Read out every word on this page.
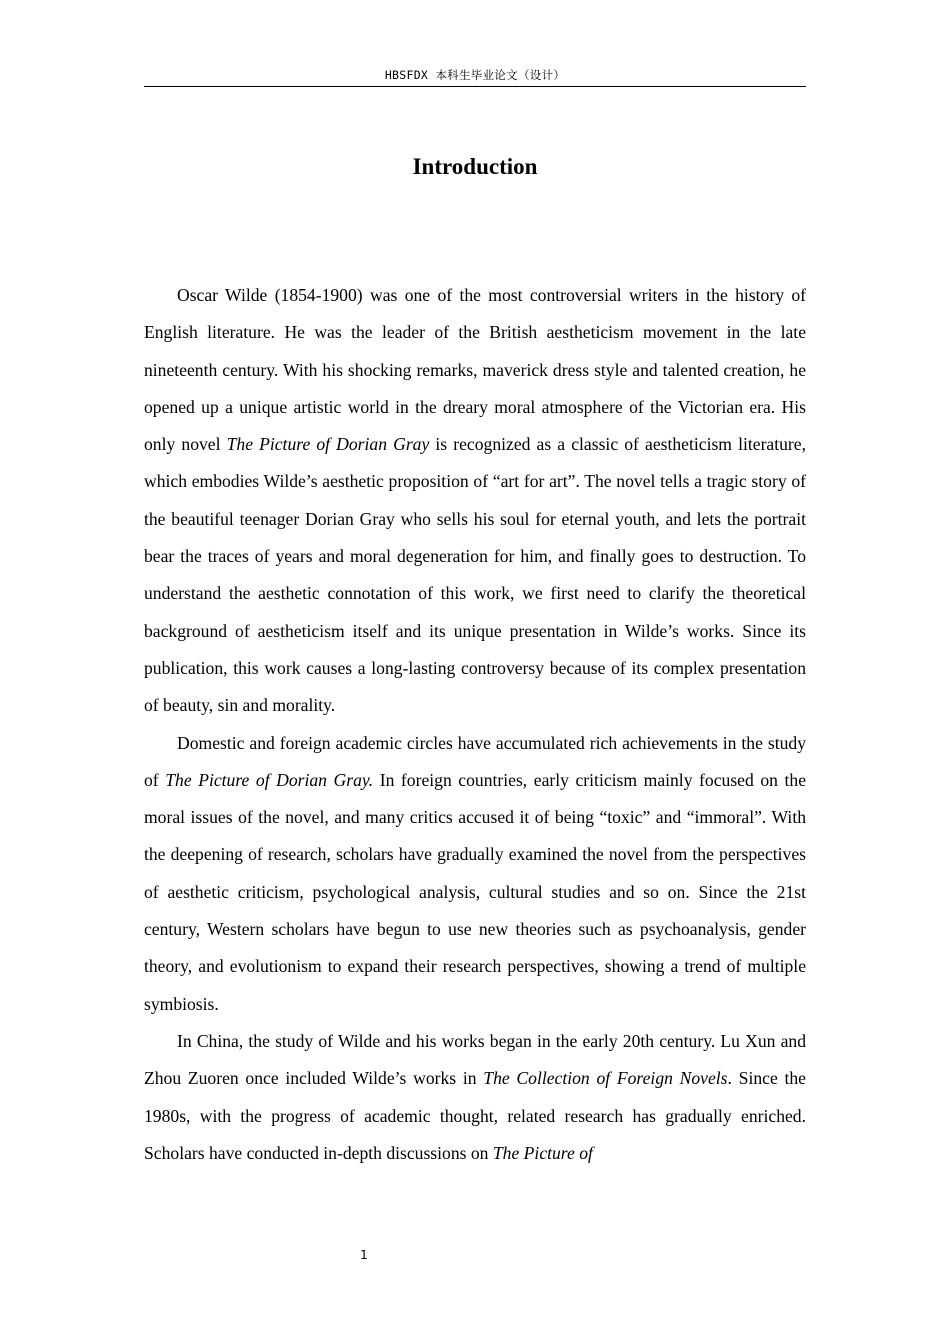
HBSFDX 本科生毕业论文（设计）
Introduction

Oscar Wilde (1854-1900) was one of the most controversial writers in the history of English literature. He was the leader of the British aestheticism movement in the late nineteenth century. With his shocking remarks, maverick dress style and talented creation, he opened up a unique artistic world in the dreary moral atmosphere of the Victorian era. His only novel The Picture of Dorian Gray is recognized as a classic of aestheticism literature, which embodies Wilde’s aesthetic proposition of “art for art”. The novel tells a tragic story of the beautiful teenager Dorian Gray who sells his soul for eternal youth, and lets the portrait bear the traces of years and moral degeneration for him, and finally goes to destruction. To understand the aesthetic connotation of this work, we first need to clarify the theoretical background of aestheticism itself and its unique presentation in Wilde’s works. Since its publication, this work causes a long-lasting controversy because of its complex presentation of beauty, sin and morality.

Domestic and foreign academic circles have accumulated rich achievements in the study of The Picture of Dorian Gray. In foreign countries, early criticism mainly focused on the moral issues of the novel, and many critics accused it of being “toxic” and “immoral”. With the deepening of research, scholars have gradually examined the novel from the perspectives of aesthetic criticism, psychological analysis, cultural studies and so on. Since the 21st century, Western scholars have begun to use new theories such as psychoanalysis, gender theory, and evolutionism to expand their research perspectives, showing a trend of multiple symbiosis.

In China, the study of Wilde and his works began in the early 20th century. Lu Xun and Zhou Zuoren once included Wilde’s works in The Collection of Foreign Novels. Since the 1980s, with the progress of academic thought, related research has gradually enriched. Scholars have conducted in-depth discussions on The Picture of

1
